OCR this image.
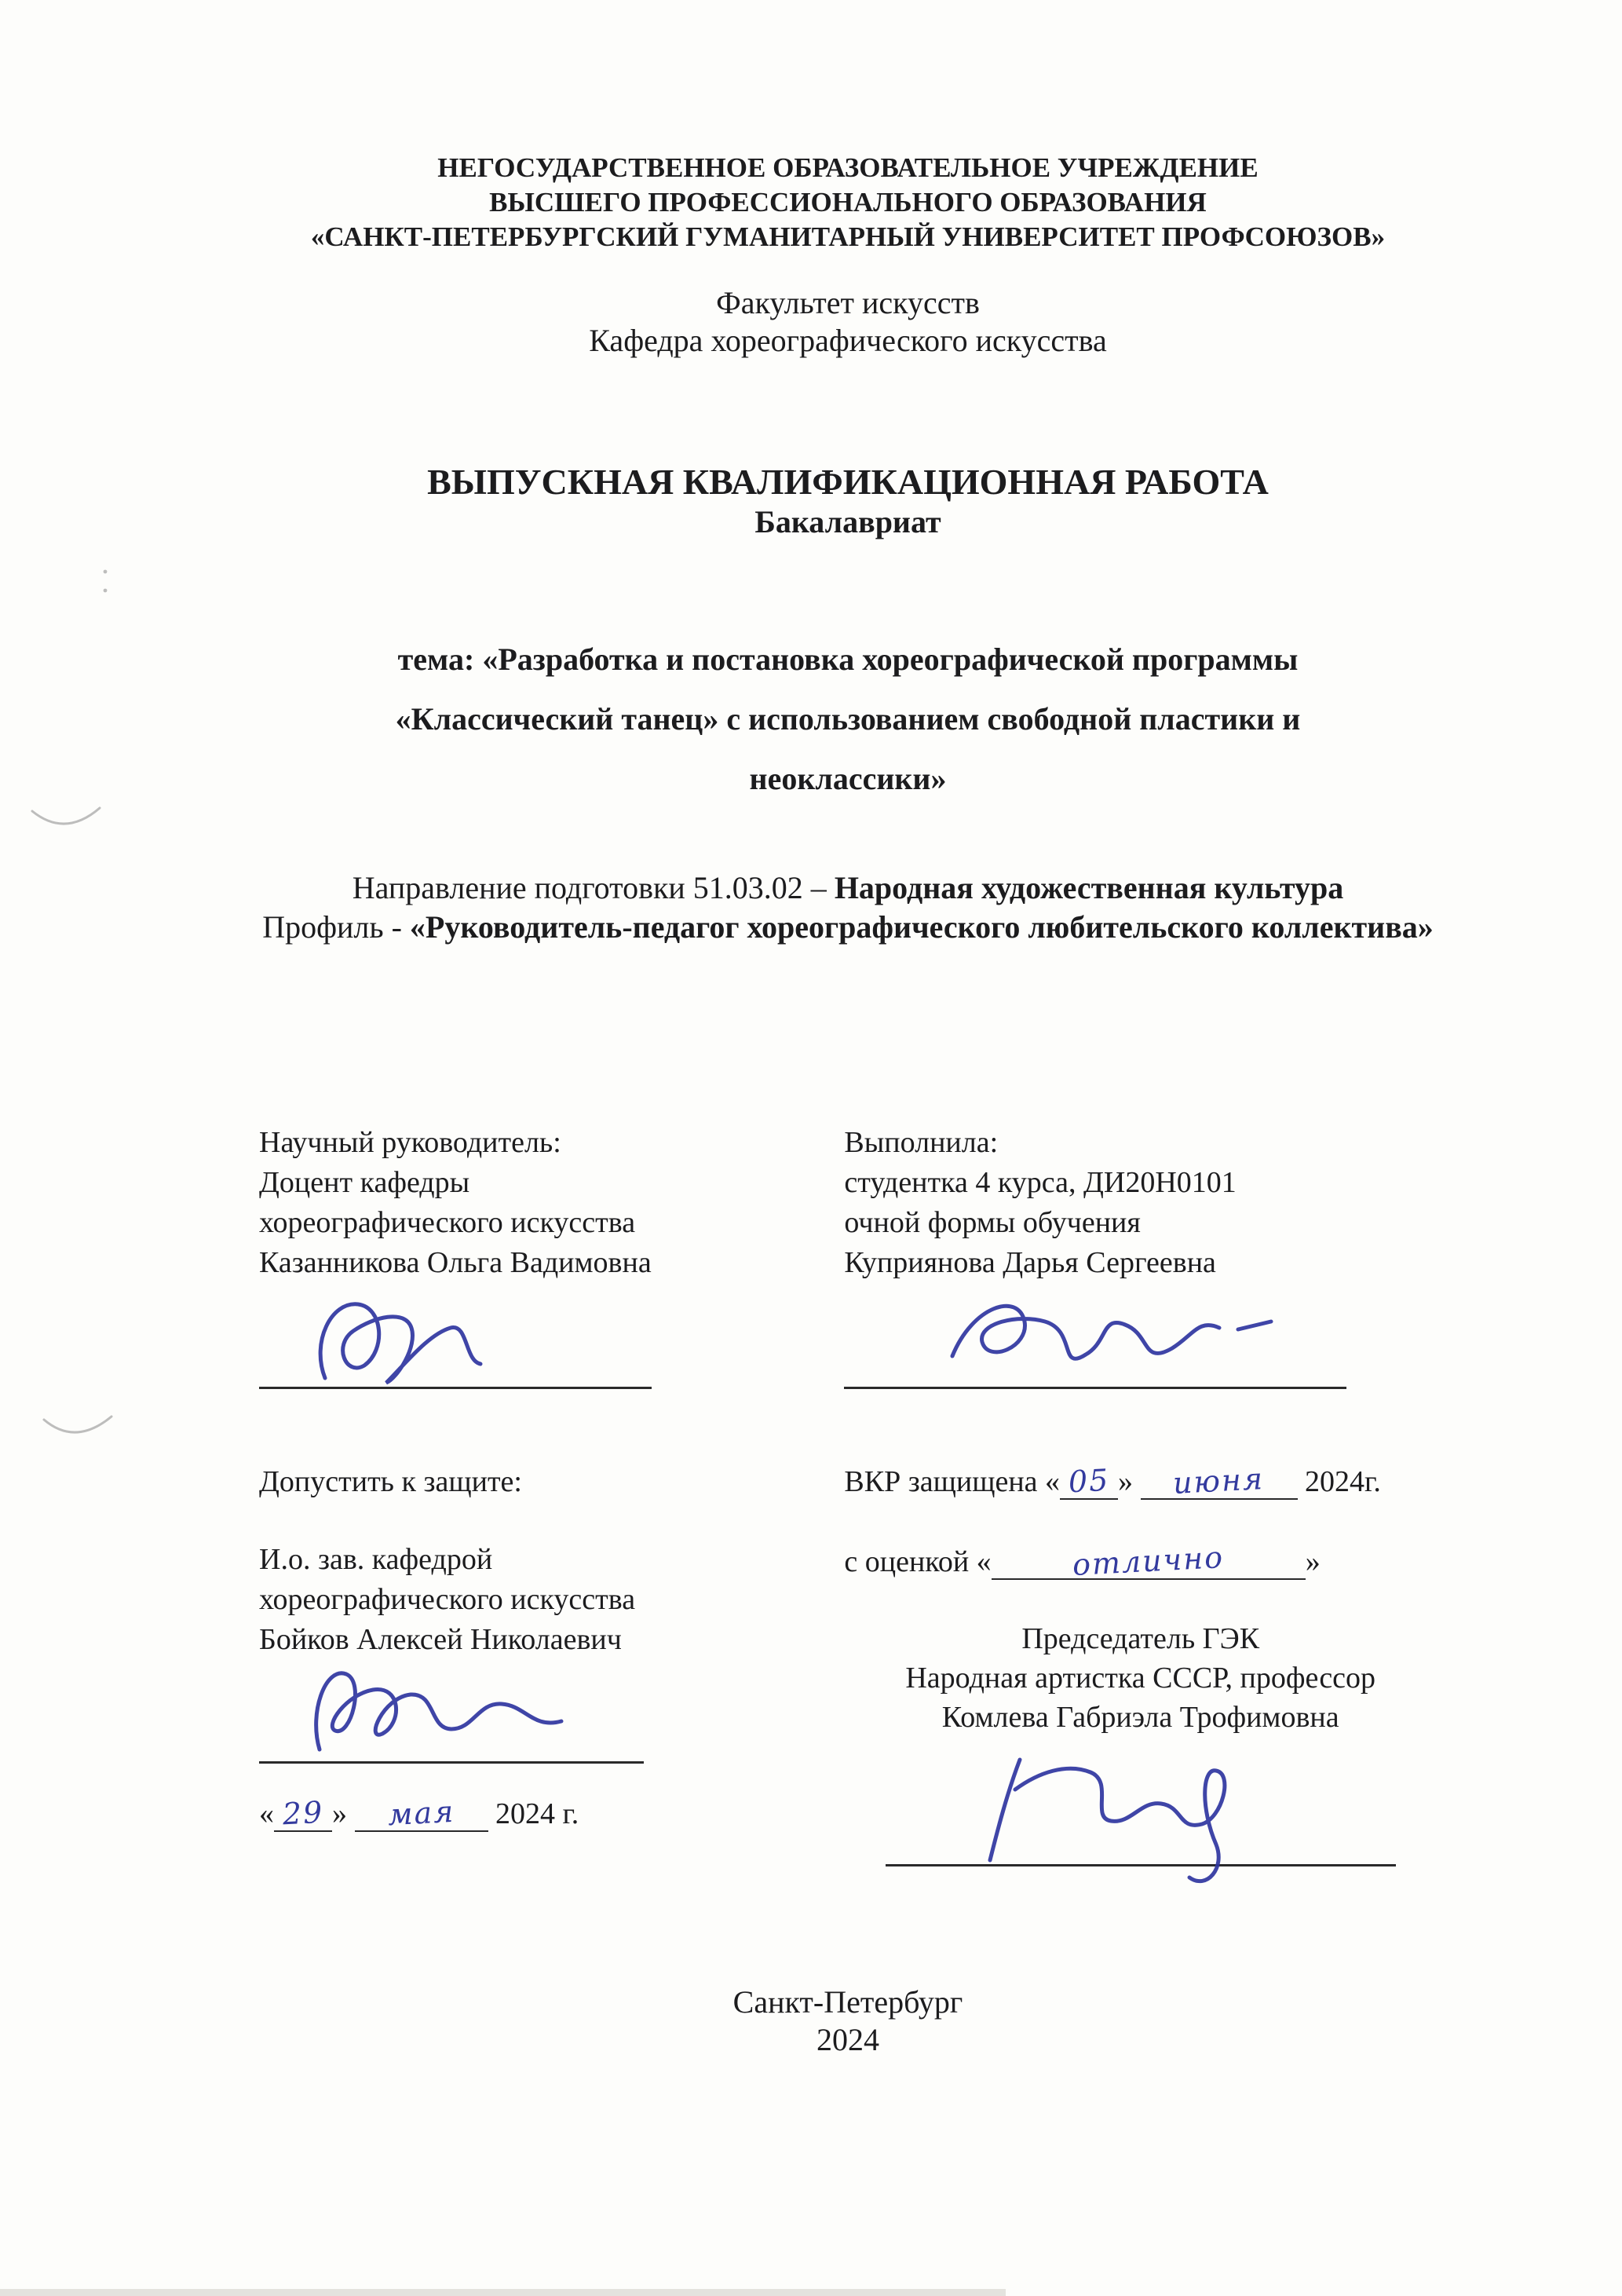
НЕГОСУДАРСТВЕННОЕ ОБРАЗОВАТЕЛЬНОЕ УЧРЕЖДЕНИЕ
ВЫСШЕГО ПРОФЕССИОНАЛЬНОГО ОБРАЗОВАНИЯ
«САНКТ-ПЕТЕРБУРГСКИЙ ГУМАНИТАРНЫЙ УНИВЕРСИТЕТ ПРОФСОЮЗОВ»
Факультет искусств
Кафедра хореографического искусства
ВЫПУСКНАЯ КВАЛИФИКАЦИОННАЯ РАБОТА
Бакалавриат
тема: «Разработка и постановка хореографической программы
«Классический танец» с использованием свободной пластики и
неоклассики»
Направление подготовки 51.03.02 – Народная художественная культура
Профиль - «Руководитель-педагог хореографического любительского коллектива»
Научный руководитель:
Доцент кафедры
хореографического искусства
Казанникова Ольга Вадимовна
Выполнила:
студентка 4 курса, ДИ20Н0101
очной формы обучения
Куприянова Дарья Сергеевна
Допустить к защите:
И.о. зав. кафедрой
хореографического искусства
Бойков Алексей Николаевич
« 29 » мая 2024 г.
ВКР защищена « 05 » июня 2024г.
с оценкой «	отлично	»
Председатель ГЭК
Народная артистка СССР, профессор
Комлева Габриэла Трофимовна
Санкт-Петербург
2024
